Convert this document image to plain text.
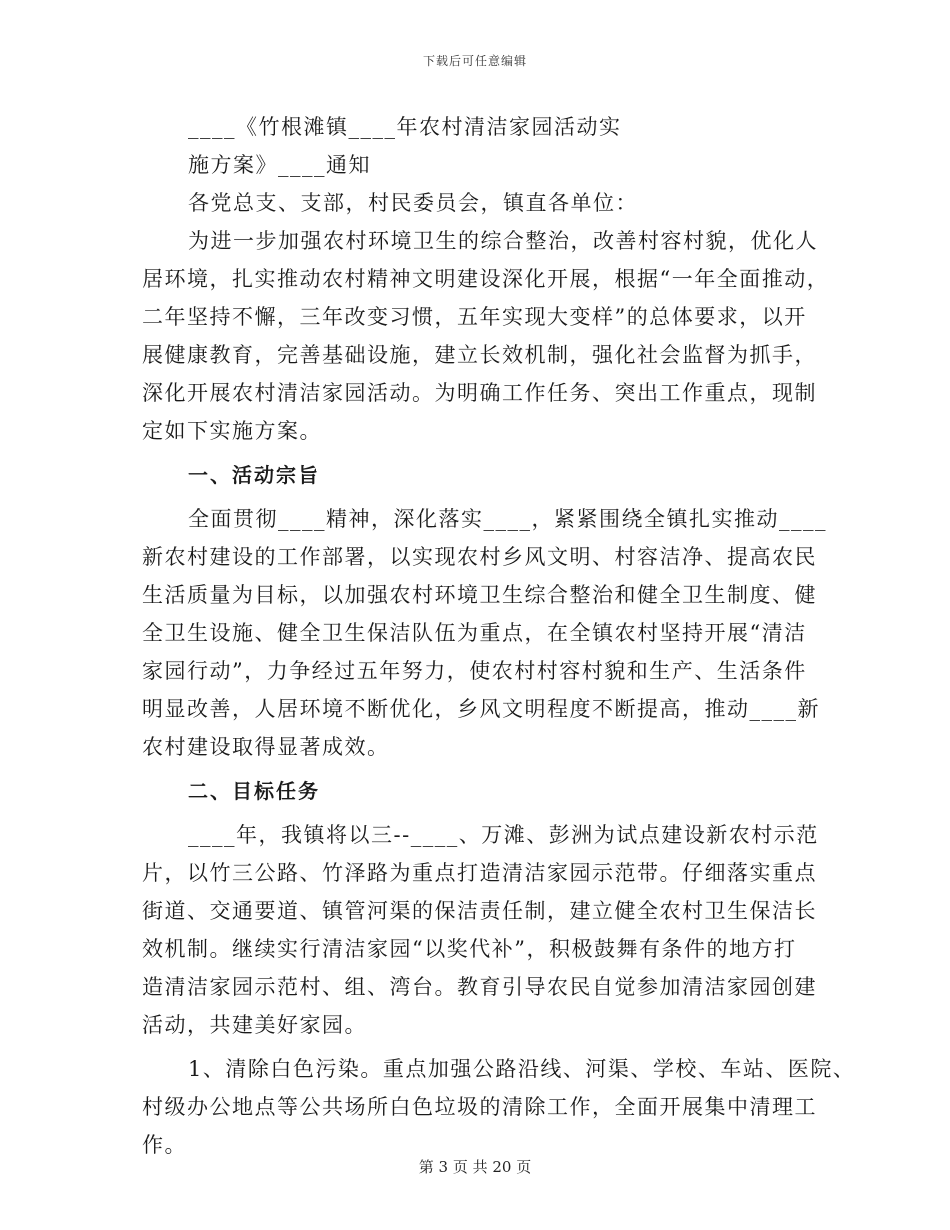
下载后可任意编辑
____《竹根滩镇____年农村清洁家园活动实
施方案》____通知
各党总支、支部，村民委员会，镇直各单位：
为进一步加强农村环境卫生的综合整治，改善村容村貌，优化人
居环境，扎实推动农村精神文明建设深化开展，根据“一年全面推动，
二年坚持不懈，三年改变习惯，五年实现大变样”的总体要求，以开
展健康教育，完善基础设施，建立长效机制，强化社会监督为抓手，
深化开展农村清洁家园活动。为明确工作任务、突出工作重点，现制
定如下实施方案。
一、活动宗旨
全面贯彻____精神，深化落实____，紧紧围绕全镇扎实推动____
新农村建设的工作部署，以实现农村乡风文明、村容洁净、提高农民
生活质量为目标，以加强农村环境卫生综合整治和健全卫生制度、健
全卫生设施、健全卫生保洁队伍为重点，在全镇农村坚持开展“清洁
家园行动”，力争经过五年努力，使农村村容村貌和生产、生活条件
明显改善，人居环境不断优化，乡风文明程度不断提高，推动____新
农村建设取得显著成效。
二、目标任务
____年，我镇将以三--____、万滩、彭洲为试点建设新农村示范
片，以竹三公路、竹泽路为重点打造清洁家园示范带。仔细落实重点
街道、交通要道、镇管河渠的保洁责任制，建立健全农村卫生保洁长
效机制。继续实行清洁家园“以奖代补”，积极鼓舞有条件的地方打
造清洁家园示范村、组、湾台。教育引导农民自觉参加清洁家园创建
活动，共建美好家园。
1、清除白色污染。重点加强公路沿线、河渠、学校、车站、医院、
村级办公地点等公共场所白色垃圾的清除工作，全面开展集中清理工
作。
第 3 页 共 20 页
